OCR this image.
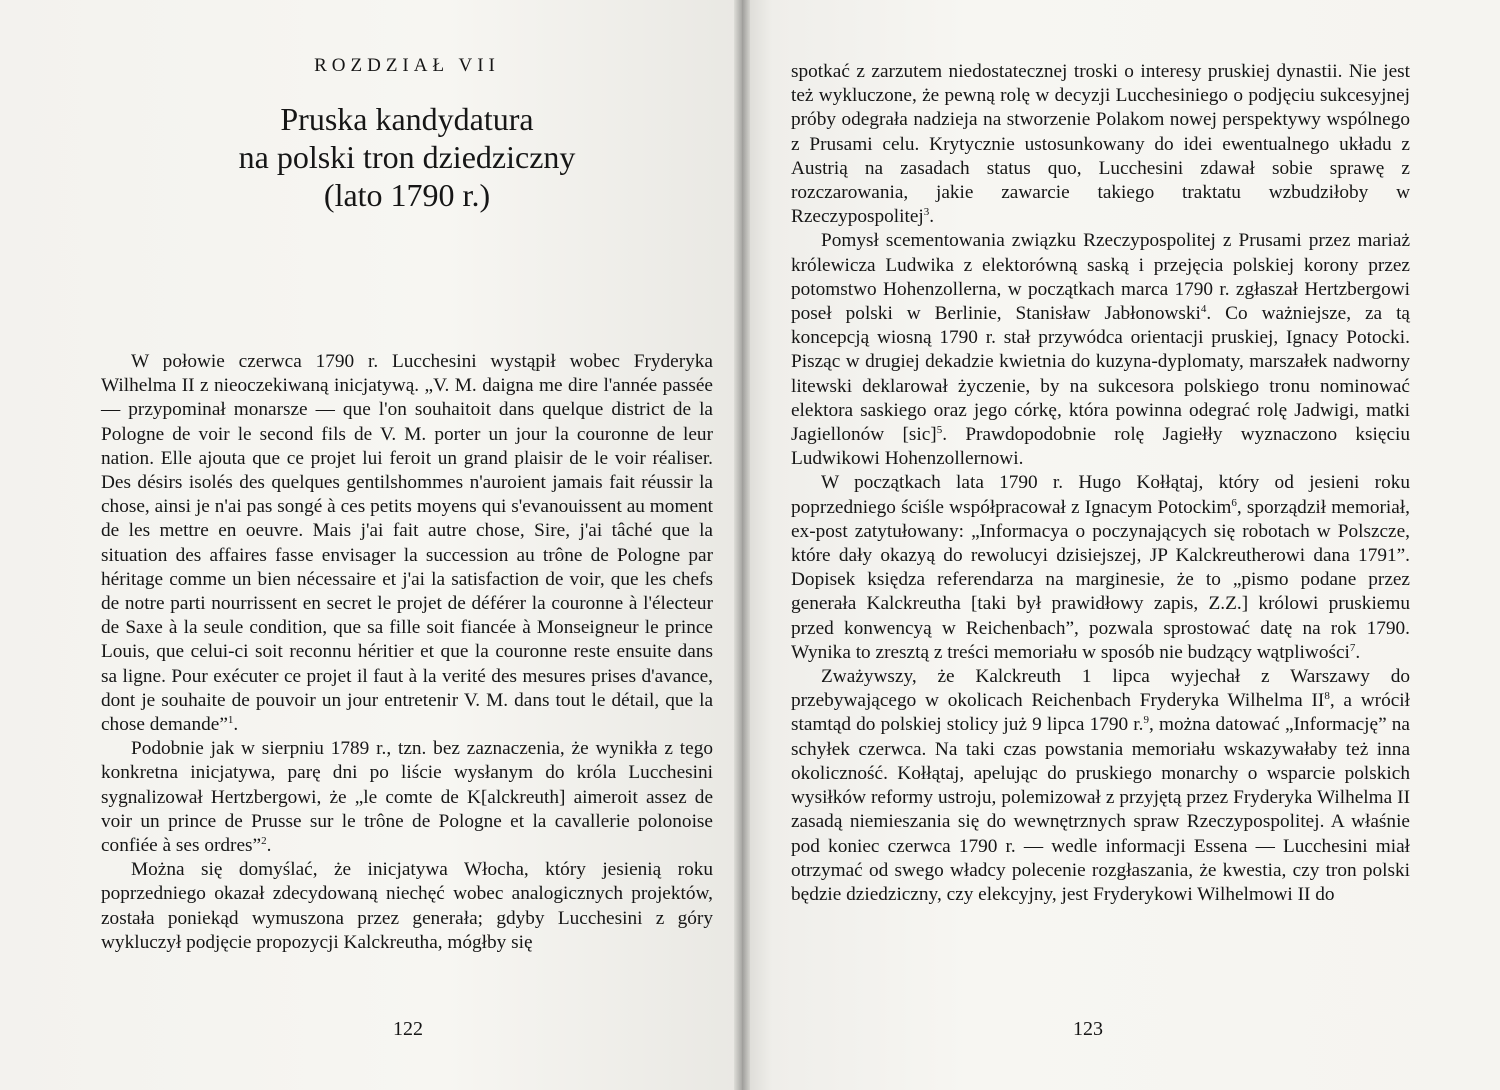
ROZDZIAŁ VII
Pruska kandydatura
na polski tron dziedziczny
(lato 1790 r.)

W połowie czerwca 1790 r. Lucchesini wystąpił wobec Fryderyka Wilhelma II z nieoczekiwaną inicjatywą. „V. M. daigna me dire l'année passée — przypominał monarsze — que l'on souhaitoit dans quelque district de la Pologne de voir le second fils de V. M. porter un jour la couronne de leur nation. Elle ajouta que ce projet lui feroit un grand plaisir de le voir réaliser. Des désirs isolés des quelques gentilshommes n'auroient jamais fait réussir la chose, ainsi je n'ai pas songé à ces petits moyens qui s'evanouissent au moment de les mettre en oeuvre. Mais j'ai fait autre chose, Sire, j'ai tâché que la situation des affaires fasse envisager la succession au trône de Pologne par héritage comme un bien nécessaire et j'ai la satisfaction de voir, que les chefs de notre parti nourrissent en secret le projet de déférer la couronne à l'électeur de Saxe à la seule condition, que sa fille soit fiancée à Monseigneur le prince Louis, que celui-ci soit reconnu héritier et que la couronne reste ensuite dans sa ligne. Pour exécuter ce projet il faut à la verité des mesures prises d'avance, dont je souhaite de pouvoir un jour entretenir V. M. dans tout le détail, que la chose demande”$^1$.

Podobnie jak w sierpniu 1789 r., tzn. bez zaznaczenia, że wynikła z tego konkretna inicjatywa, parę dni po liście wysłanym do króla Lucchesini sygnalizował Hertzbergowi, że „le comte de K[alckreuth] aimeroit assez de voir un prince de Prusse sur le trône de Pologne et la cavallerie polonoise confiée à ses ordres”$^2$.

Można się domyślać, że inicjatywa Włocha, który jesienią roku poprzedniego okazał zdecydowaną niechęć wobec analogicznych projektów, została poniekąd wymuszona przez generała; gdyby Lucchesini z góry wykluczył podjęcie propozycji Kalckreutha, mógłby się

spotkać z zarzutem niedostatecznej troski o interesy pruskiej dynastii. Nie jest też wykluczone, że pewną rolę w decyzji Lucchesiniego o podjęciu sukcesyjnej próby odegrała nadzieja na stworzenie Polakom nowej perspektywy wspólnego z Prusami celu. Krytycznie ustosunkowany do idei ewentualnego układu z Austrią na zasadach status quo, Lucchesini zdawał sobie sprawę z rozczarowania, jakie zawarcie takiego traktatu wzbudziłoby w Rzeczypospolitej$^3$.

Pomysł scementowania związku Rzeczypospolitej z Prusami przez mariaż królewicza Ludwika z elektorówną saską i przejęcia polskiej korony przez potomstwo Hohenzollerna, w początkach marca 1790 r. zgłaszał Hertzbergowi poseł polski w Berlinie, Stanisław Jabłonowski$^4$. Co ważniejsze, za tą koncepcją wiosną 1790 r. stał przywódca orientacji pruskiej, Ignacy Potocki. Pisząc w drugiej dekadzie kwietnia do kuzyna-dyplomaty, marszałek nadworny litewski deklarował życzenie, by na sukcesora polskiego tronu nominować elektora saskiego oraz jego córkę, która powinna odegrać rolę Jadwigi, matki Jagiellonów [sic]$^5$. Prawdopodobnie rolę Jagiełły wyznaczono księciu Ludwikowi Hohenzollernowi.

W początkach lata 1790 r. Hugo Kołłątaj, który od jesieni roku poprzedniego ściśle współpracował z Ignacym Potockim$^6$, sporządził memoriał, ex-post zatytułowany: „Informacya o poczynających się robotach w Polszcze, które dały okazyą do rewolucyi dzisiejszej, JP Kalckreutherowi dana 1791”. Dopisek księdza referendarza na marginesie, że to „pismo podane przez generała Kalckreutha [taki był prawidłowy zapis, Z.Z.] królowi pruskiemu przed konwencyą w Reichenbach”, pozwala sprostować datę na rok 1790. Wynika to zresztą z treści memoriału w sposób nie budzący wątpliwości$^7$.

Zważywszy, że Kalckreuth 1 lipca wyjechał z Warszawy do przebywającego w okolicach Reichenbach Fryderyka Wilhelma $II^8$, a wrócił stamtąd do polskiej stolicy już 9 lipca 1790 r.$^9$, można datować „Informację” na schyłek czerwca. Na taki czas powstania memoriału wskazywałaby też inna okoliczność. Kołłątaj, apelując do pruskiego monarchy o wsparcie polskich wysiłków reformy ustroju, polemizował z przyjętą przez Fryderyka Wilhelma II zasadą niemieszania się do wewnętrznych spraw Rzeczypospolitej. A właśnie pod koniec czerwca 1790 r. — wedle informacji Essena — Lucchesini miał otrzymać od swego władcy polecenie rozgłaszania, że kwestia, czy tron polski będzie dziedziczny, czy elekcyjny, jest Fryderykowi Wilhelmowi II do

122	123
